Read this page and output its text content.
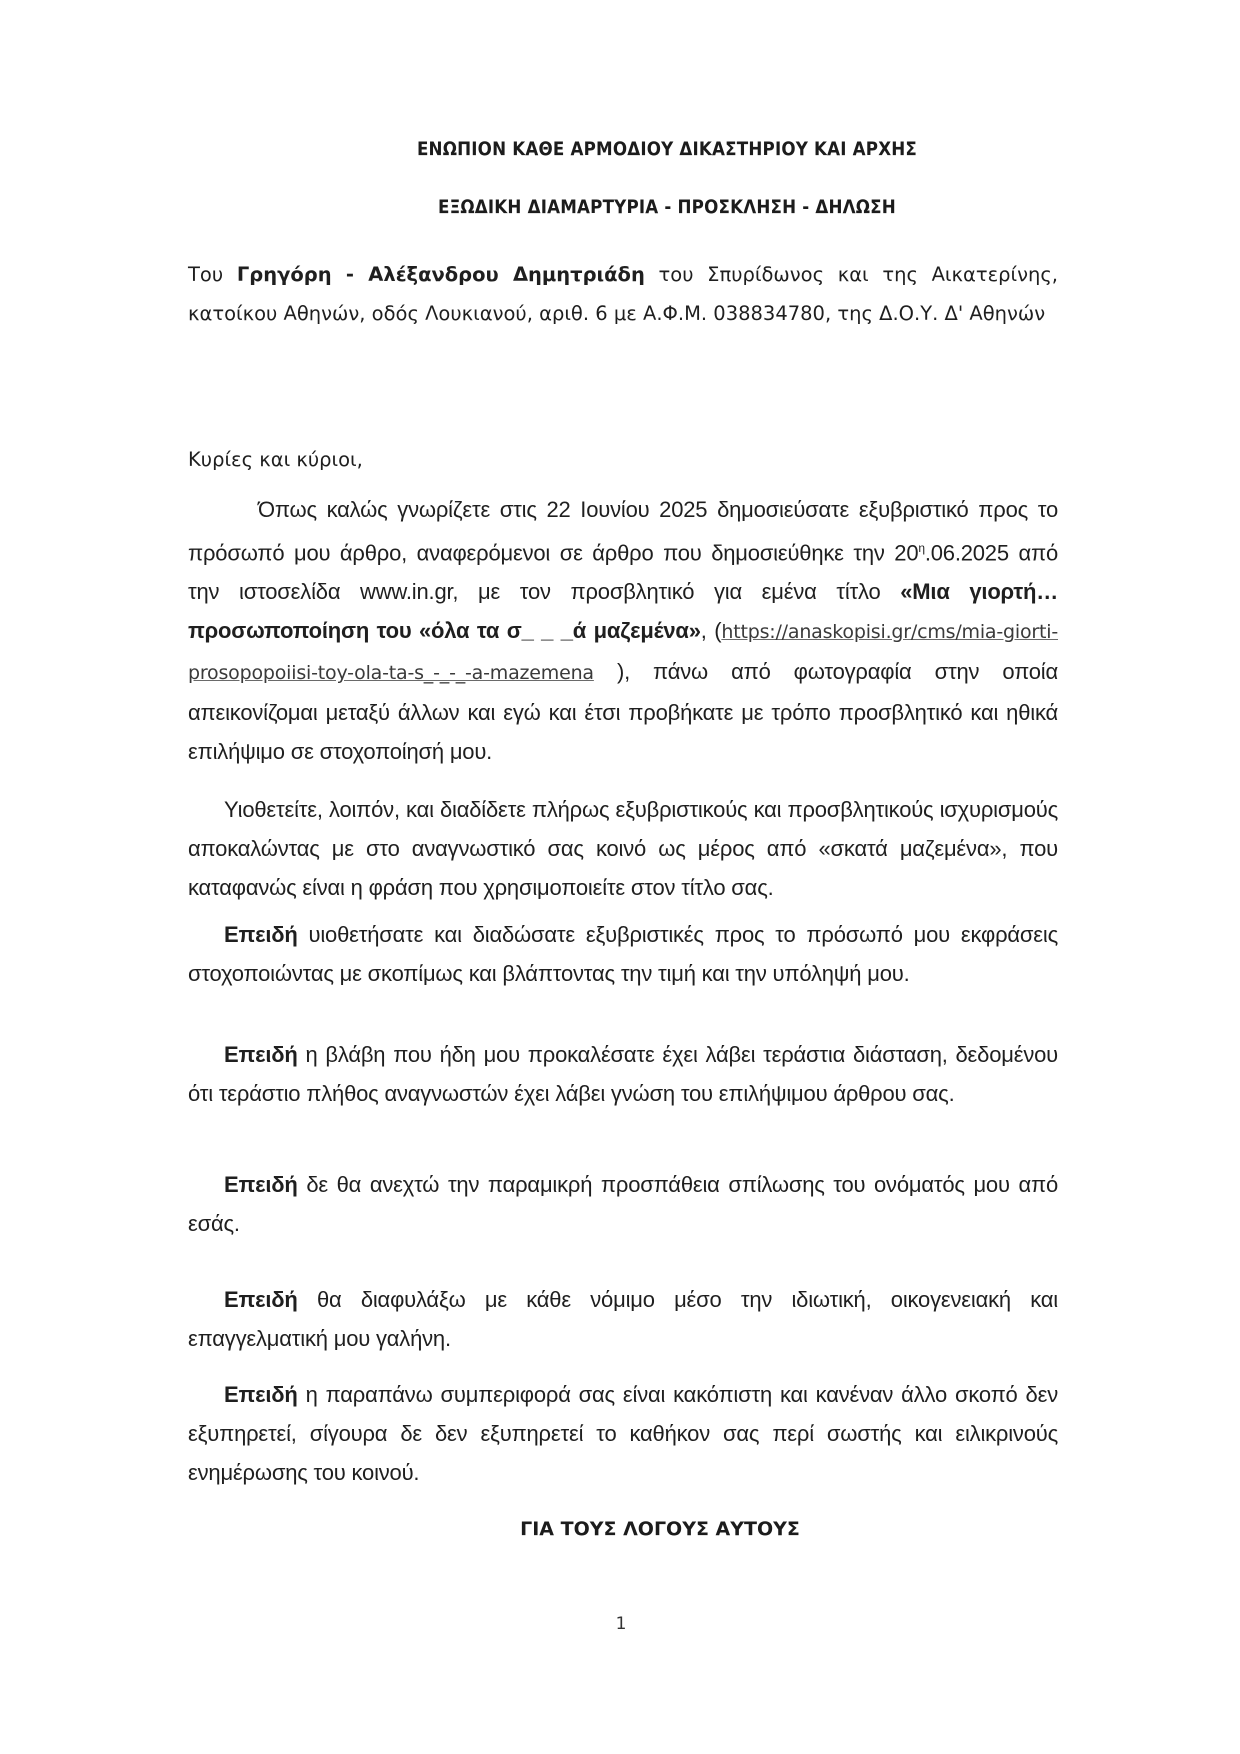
ΕΝΩΠΙΟΝ ΚΑΘΕ ΑΡΜΟΔΙΟΥ ΔΙΚΑΣΤΗΡΙΟΥ ΚΑΙ ΑΡΧΗΣ
ΕΞΩΔΙΚΗ ΔΙΑΜΑΡΤΥΡΙΑ - ΠΡΟΣΚΛΗΣΗ - ΔΗΛΩΣΗ
Του Γρηγόρη - Αλέξανδρου Δημητριάδη του Σπυρίδωνος και της Αικατερίνης, κατοίκου Αθηνών, οδός Λουκιανού, αριθ. 6 με Α.Φ.Μ. 038834780, της Δ.Ο.Υ. Δ' Αθηνών
Κυρίες και κύριοι,
Όπως καλώς γνωρίζετε στις 22 Ιουνίου 2025 δημοσιεύσατε εξυβριστικό προς το πρόσωπό μου άρθρο, αναφερόμενοι σε άρθρο που δημοσιεύθηκε την $20^\eta.06.2025$ από την ιστοσελίδα www.in.gr, με τον προσβλητικό για εμένα τίτλο «Μια γιορτή… προσωποποίηση του «όλα τα σ_ _ _ά μαζεμένα», (https://anaskopisi.gr/cms/mia-giorti-prosopopoiisi-toy-ola-ta-s_-_-_-a-mazemena ), πάνω από φωτογραφία στην οποία απεικονίζομαι μεταξύ άλλων και εγώ και έτσι προβήκατε με τρόπο προσβλητικό και ηθικά επιλήψιμο σε στοχοποίησή μου.
Υιοθετείτε, λοιπόν, και διαδίδετε πλήρως εξυβριστικούς και προσβλητικούς ισχυρισμούς αποκαλώντας με στο αναγνωστικό σας κοινό ως μέρος από «σκατά μαζεμένα», που καταφανώς είναι η φράση που χρησιμοποιείτε στον τίτλο σας.
Επειδή υιοθετήσατε και διαδώσατε εξυβριστικές προς το πρόσωπό μου εκφράσεις στοχοποιώντας με σκοπίμως και βλάπτοντας την τιμή και την υπόληψή μου.
Επειδή η βλάβη που ήδη μου προκαλέσατε έχει λάβει τεράστια διάσταση, δεδομένου ότι τεράστιο πλήθος αναγνωστών έχει λάβει γνώση του επιλήψιμου άρθρου σας.
Επειδή δε θα ανεχτώ την παραμικρή προσπάθεια σπίλωσης του ονόματός μου από εσάς.
Επειδή θα διαφυλάξω με κάθε νόμιμο μέσο την ιδιωτική, οικογενειακή και επαγγελματική μου γαλήνη.
Επειδή η παραπάνω συμπεριφορά σας είναι κακόπιστη και κανέναν άλλο σκοπό δεν εξυπηρετεί, σίγουρα δε δεν εξυπηρετεί το καθήκον σας περί σωστής και ειλικρινούς ενημέρωσης του κοινού.
ΓΙΑ ΤΟΥΣ ΛΟΓΟΥΣ ΑΥΤΟΥΣ
1
